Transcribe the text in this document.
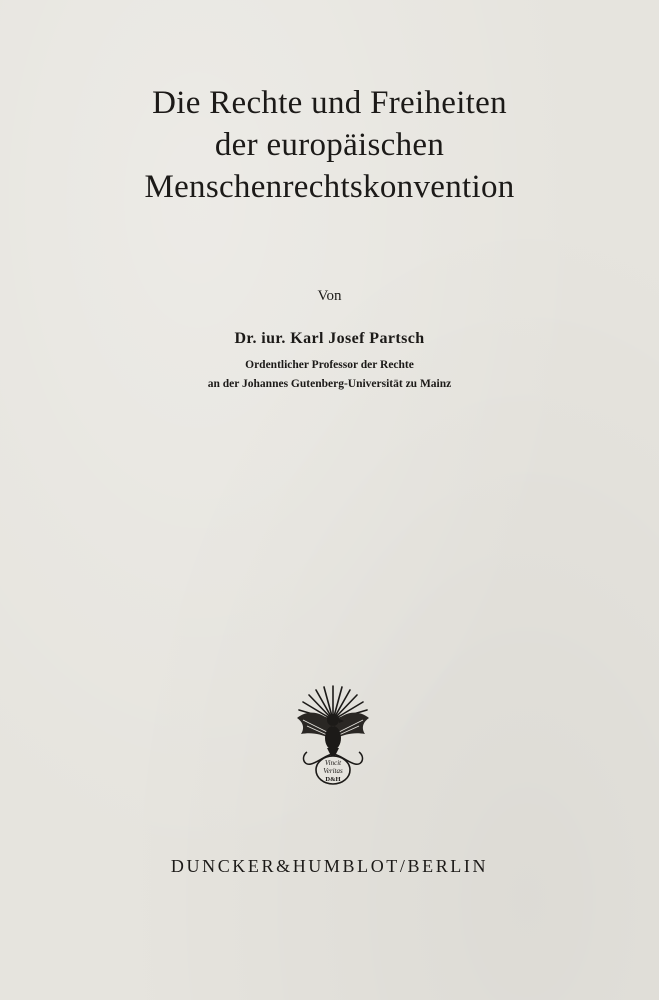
Die Rechte und Freiheiten
der europäischen
Menschenrechtskonvention
Von
Dr. iur. Karl Josef Partsch
Ordentlicher Professor der Rechte
an der Johannes Gutenberg-Universität zu Mainz
Vincit
Veritas
D&H
DUNCKER&HUMBLOT/BERLIN
